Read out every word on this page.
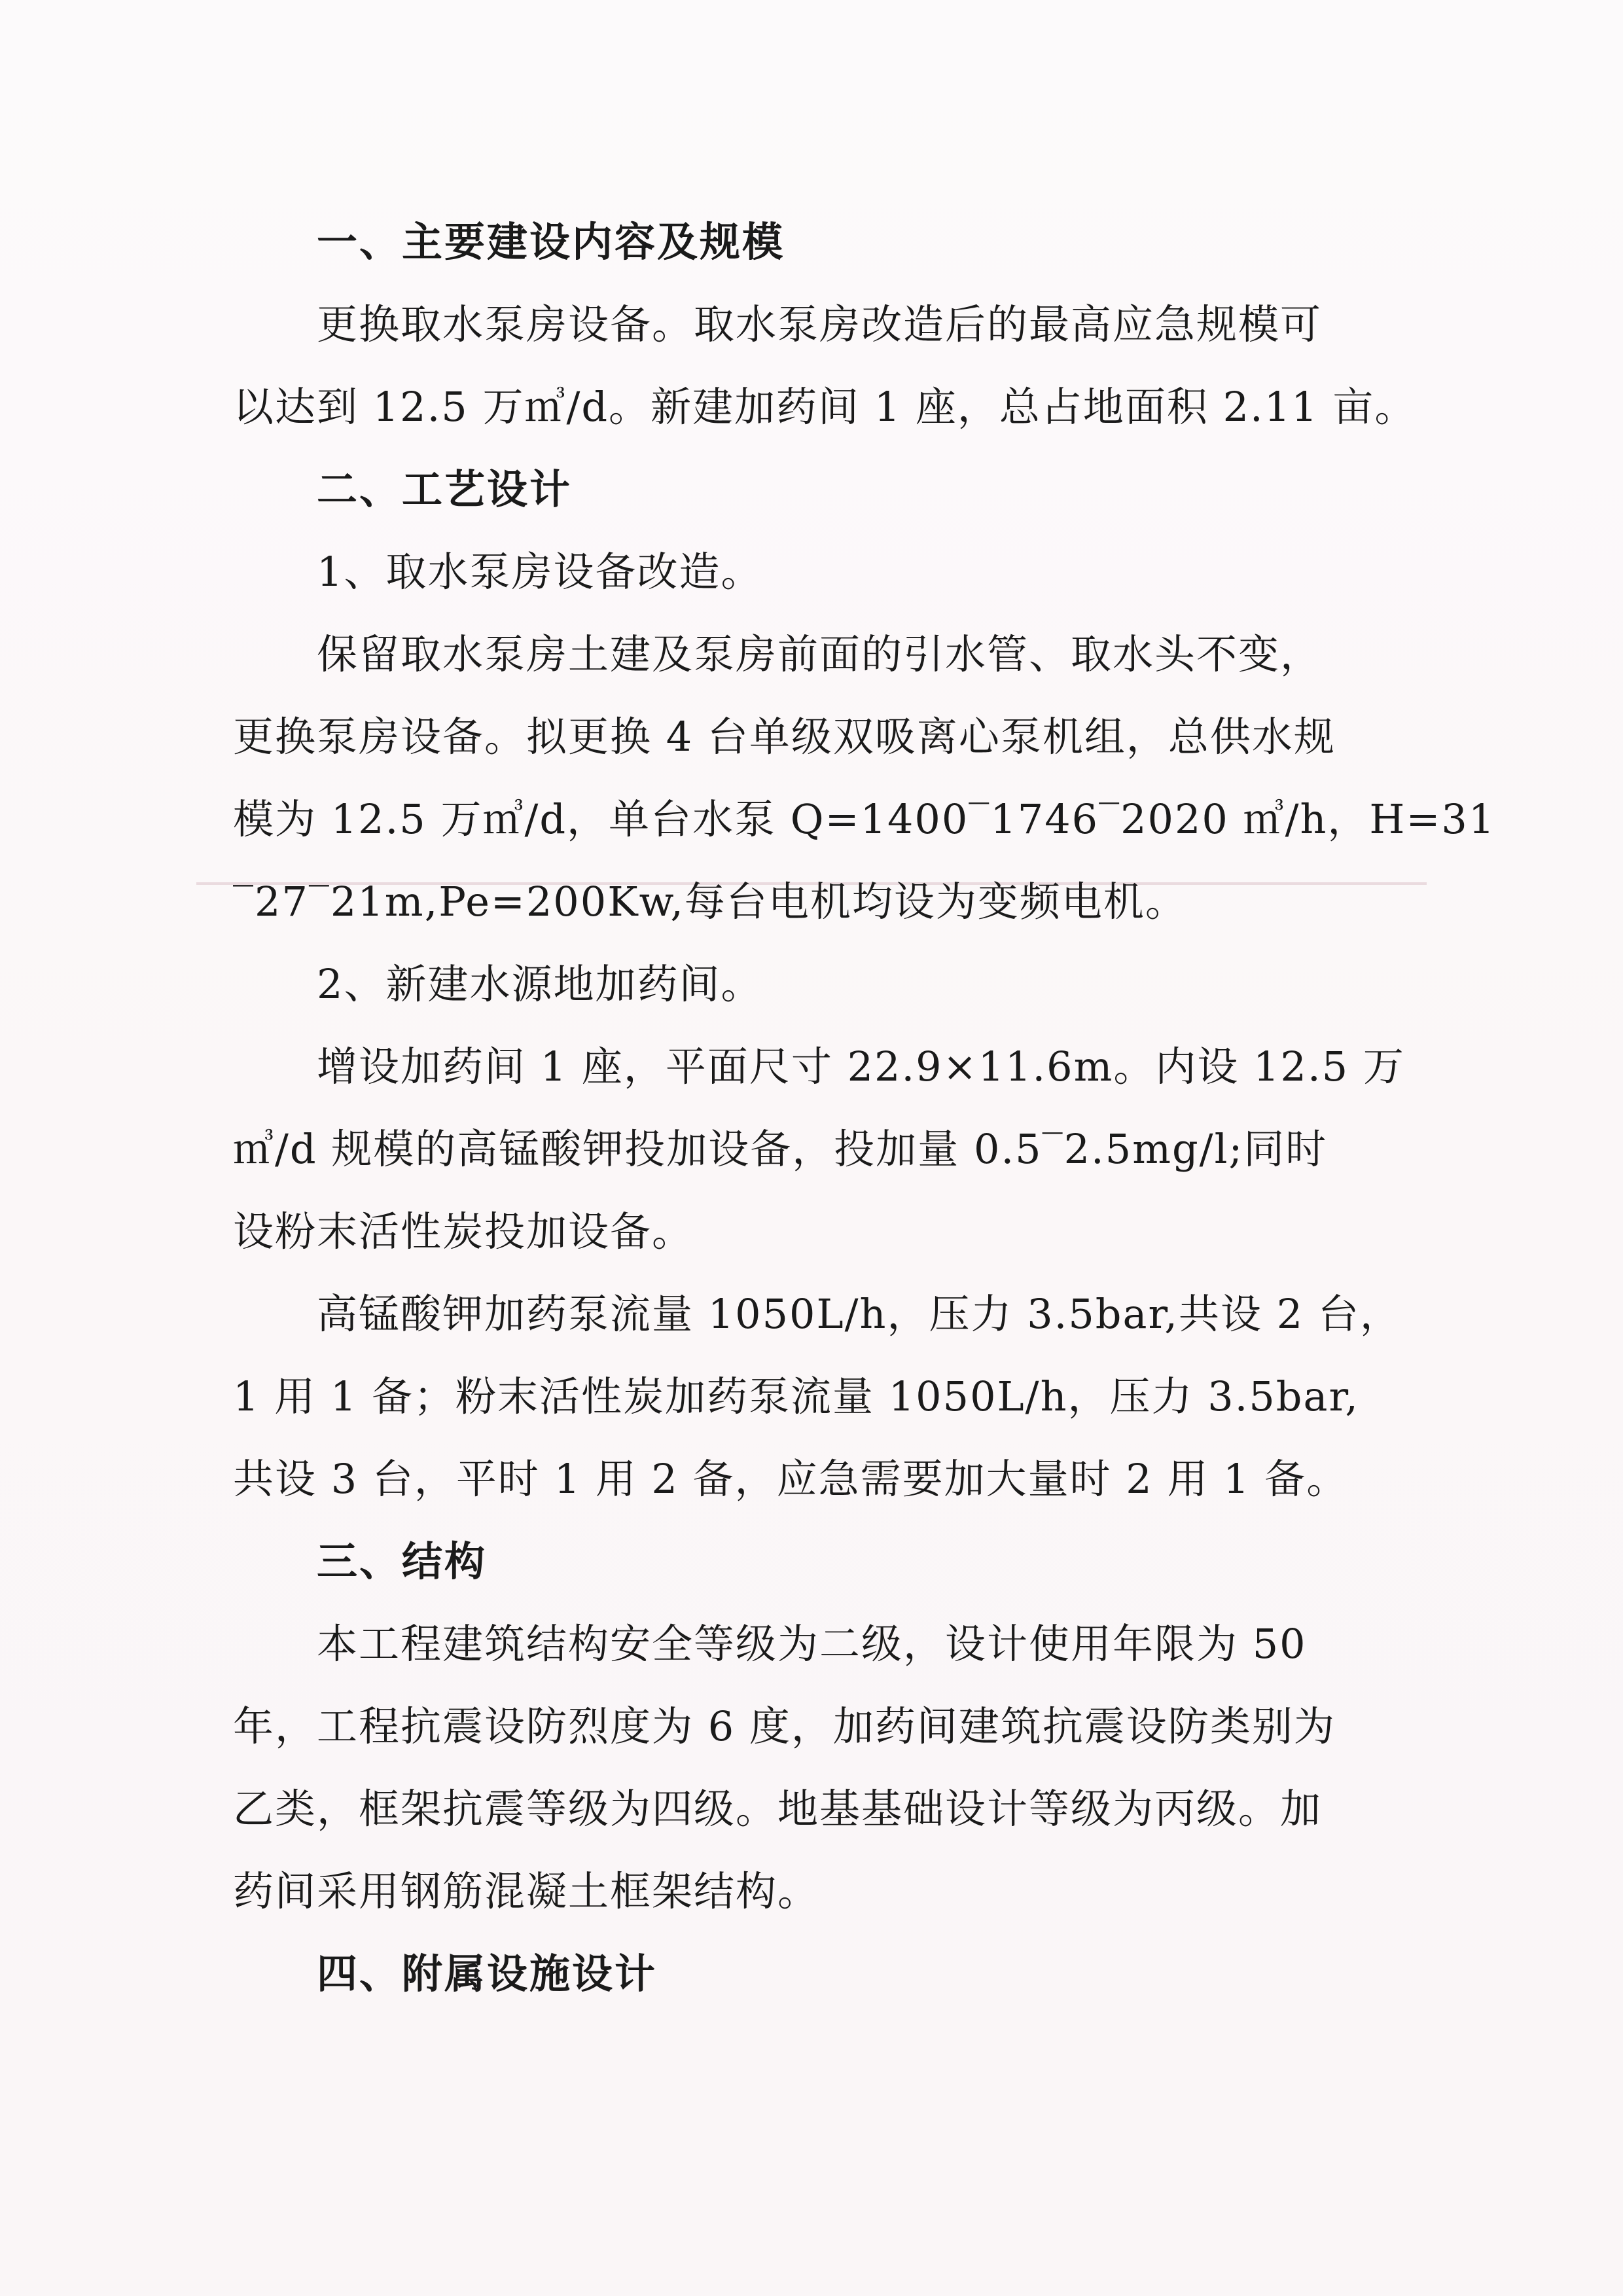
一、主要建设内容及规模
更换取水泵房设备。取水泵房改造后的最高应急规模可
以达到 12.5 万㎥/d。新建加药间 1 座，总占地面积 2.11 亩。
二、工艺设计
1、取水泵房设备改造。
保留取水泵房土建及泵房前面的引水管、取水头不变，
更换泵房设备。拟更换 4 台单级双吸离心泵机组，总供水规
模为 12.5 万㎥/d，单台水泵 Q=1400‾1746‾2020 ㎥/h，H=31
‾27‾21m,Pe=200Kw,每台电机均设为变频电机。
2、新建水源地加药间。
增设加药间 1 座，平面尺寸 22.9×11.6m。内设 12.5 万
㎥/d 规模的高锰酸钾投加设备，投加量 0.5‾2.5mg/l;同时
设粉末活性炭投加设备。
高锰酸钾加药泵流量 1050L/h，压力 3.5bar,共设 2 台，
1 用 1 备；粉末活性炭加药泵流量 1050L/h，压力 3.5bar,
共设 3 台，平时 1 用 2 备，应急需要加大量时 2 用 1 备。
三、结构
本工程建筑结构安全等级为二级，设计使用年限为 50
年，工程抗震设防烈度为 6 度，加药间建筑抗震设防类别为
乙类，框架抗震等级为四级。地基基础设计等级为丙级。加
药间采用钢筋混凝土框架结构。
四、附属设施设计
